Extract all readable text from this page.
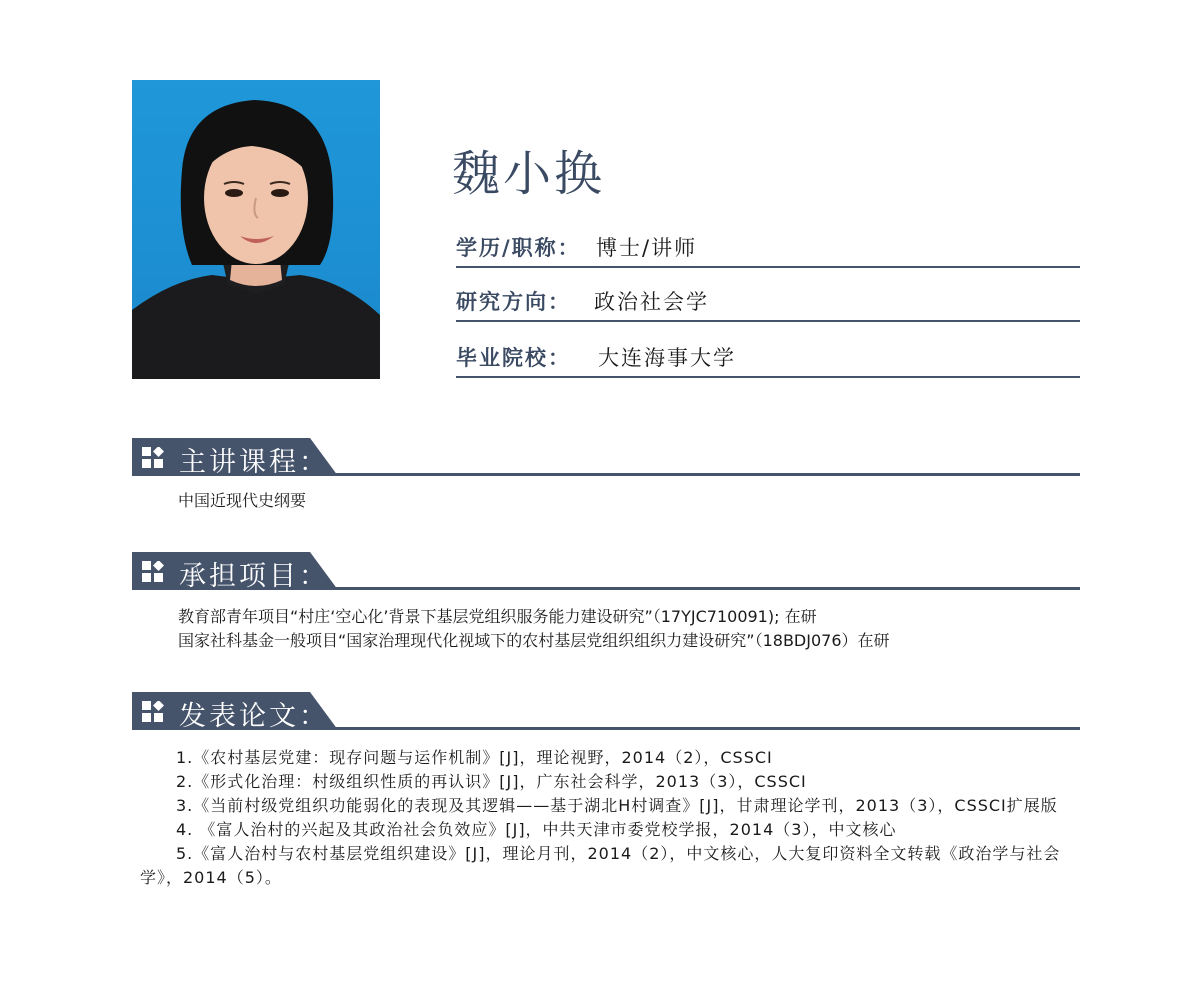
魏小换
学历/职称： 博士/讲师
研究方向： 政治社会学
毕业院校： 大连海事大学
主讲课程：
中国近现代史纲要
承担项目：
教育部青年项目“村庄‘空心化’背景下基层党组织服务能力建设研究”（17YJC710091); 在研
国家社科基金一般项目“国家治理现代化视域下的农村基层党组织组织力建设研究”（18BDJ076）在研
发表论文：
1.《农村基层党建：现存问题与运作机制》[J]，理论视野，2014（2），CSSCI
2.《形式化治理：村级组织性质的再认识》[J]，广东社会科学，2013（3），CSSCI
3.《当前村级党组织功能弱化的表现及其逻辑——基于湖北H村调查》[J]，甘肃理论学刊，2013（3），CSSCI扩展版
4. 《富人治村的兴起及其政治社会负效应》[J]，中共天津市委党校学报，2014（3），中文核心
5.《富人治村与农村基层党组织建设》[J]，理论月刊，2014（2），中文核心，人大复印资料全文转载《政治学与社会学》，2014（5）。
